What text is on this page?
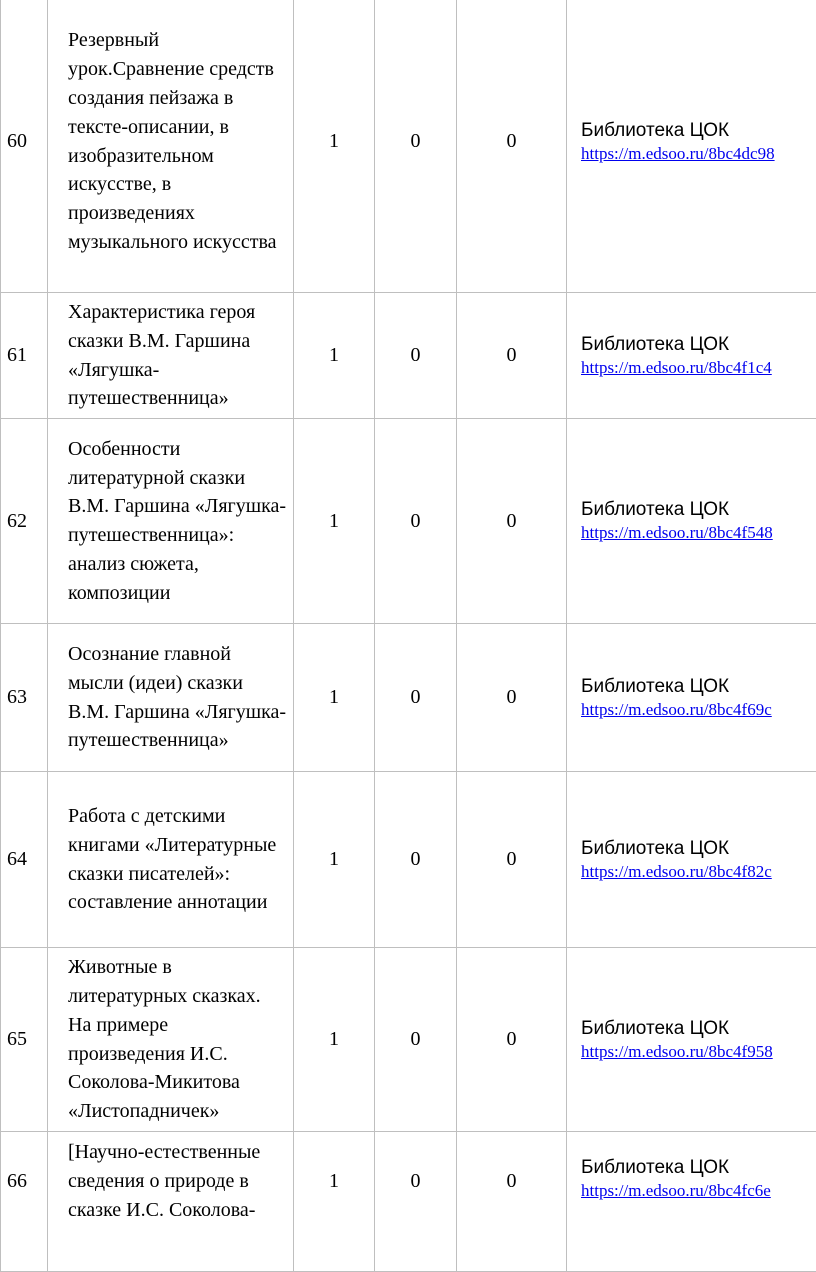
60	Резервный урок.Сравнение средств создания пейзажа в тексте-описании, в изобразительном искусстве, в произведениях музыкального искусства	1	0	0	Библиотека ЦОК
https://m.edsoo.ru/8bc4dc98

61	Характеристика героя сказки В.М. Гаршина «Лягушка-путешественница»	1	0	0	Библиотека ЦОК
https://m.edsoo.ru/8bc4f1c4

62	Особенности литературной сказки В.М. Гаршина «Лягушка-путешественница»: анализ сюжета, композиции	1	0	0	Библиотека ЦОК
https://m.edsoo.ru/8bc4f548

63	Осознание главной мысли (идеи) сказки В.М. Гаршина «Лягушка-путешественница»	1	0	0	Библиотека ЦОК
https://m.edsoo.ru/8bc4f69c

64	Работа с детскими книгами «Литературные сказки писателей»: составление аннотации	1	0	0	Библиотека ЦОК
https://m.edsoo.ru/8bc4f82c

65	Животные в литературных сказках. На примере произведения И.С. Соколова-Микитова «Листопадничек»	1	0	0	Библиотека ЦОК
https://m.edsoo.ru/8bc4f958

66	[Научно-естественные сведения о природе в сказке И.С. Соколова-	1	0	0	Библиотека ЦОК
https://m.edsoo.ru/8bc4fc6e
